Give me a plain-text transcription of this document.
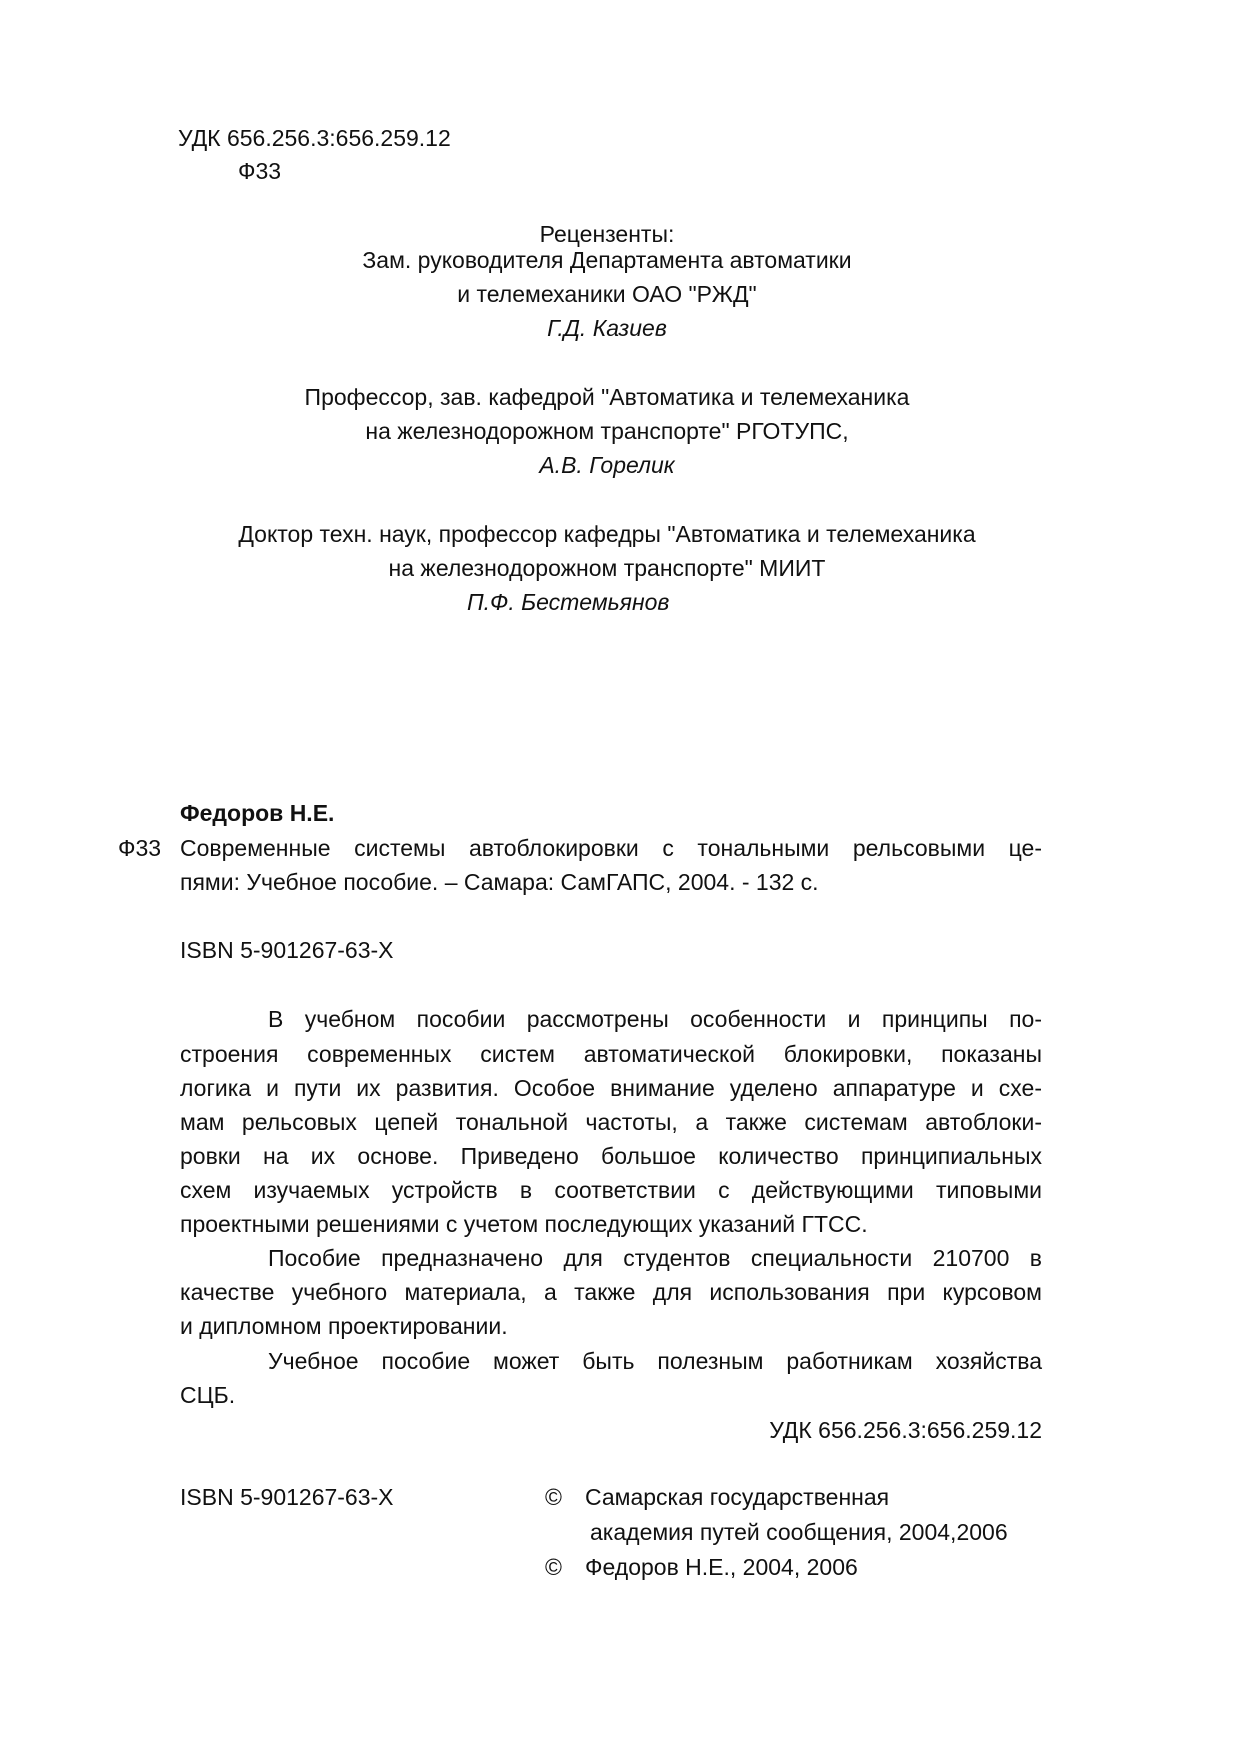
УДК 656.256.3:656.259.12
Ф33
Рецензенты:
Зам. руководителя Департамента автоматики
и телемеханики ОАО "РЖД"
Г.Д. Казиев
Профессор, зав. кафедрой "Автоматика и телемеханика
на железнодорожном транспорте" РГОТУПС,
А.В. Горелик
Доктор техн. наук, профессор кафедры "Автоматика и телемеханика
на железнодорожном транспорте" МИИТ
П.Ф. Бестемьянов
Федоров Н.Е.
Ф33 Современные системы автоблокировки с тональными рельсовыми це-
пями: Учебное пособие. – Самара: СамГАПС, 2004. - 132 с.
ISBN 5-901267-63-X
В учебном пособии рассмотрены особенности и принципы по-
строения современных систем автоматической блокировки, показаны
логика и пути их развития. Особое внимание уделено аппаратуре и схе-
мам рельсовых цепей тональной частоты, а также системам автоблоки-
ровки на их основе. Приведено большое количество принципиальных
схем изучаемых устройств в соответствии с действующими типовыми
проектными решениями с учетом последующих указаний ГТСС.
Пособие предназначено для студентов специальности 210700 в
качестве учебного материала, а также для использования при курсовом
и дипломном проектировании.
Учебное пособие может быть полезным работникам хозяйства
СЦБ.
УДК 656.256.3:656.259.12
ISBN 5-901267-63-X	© Самарская государственная
академия путей сообщения, 2004,2006
© Федоров Н.Е., 2004, 2006
